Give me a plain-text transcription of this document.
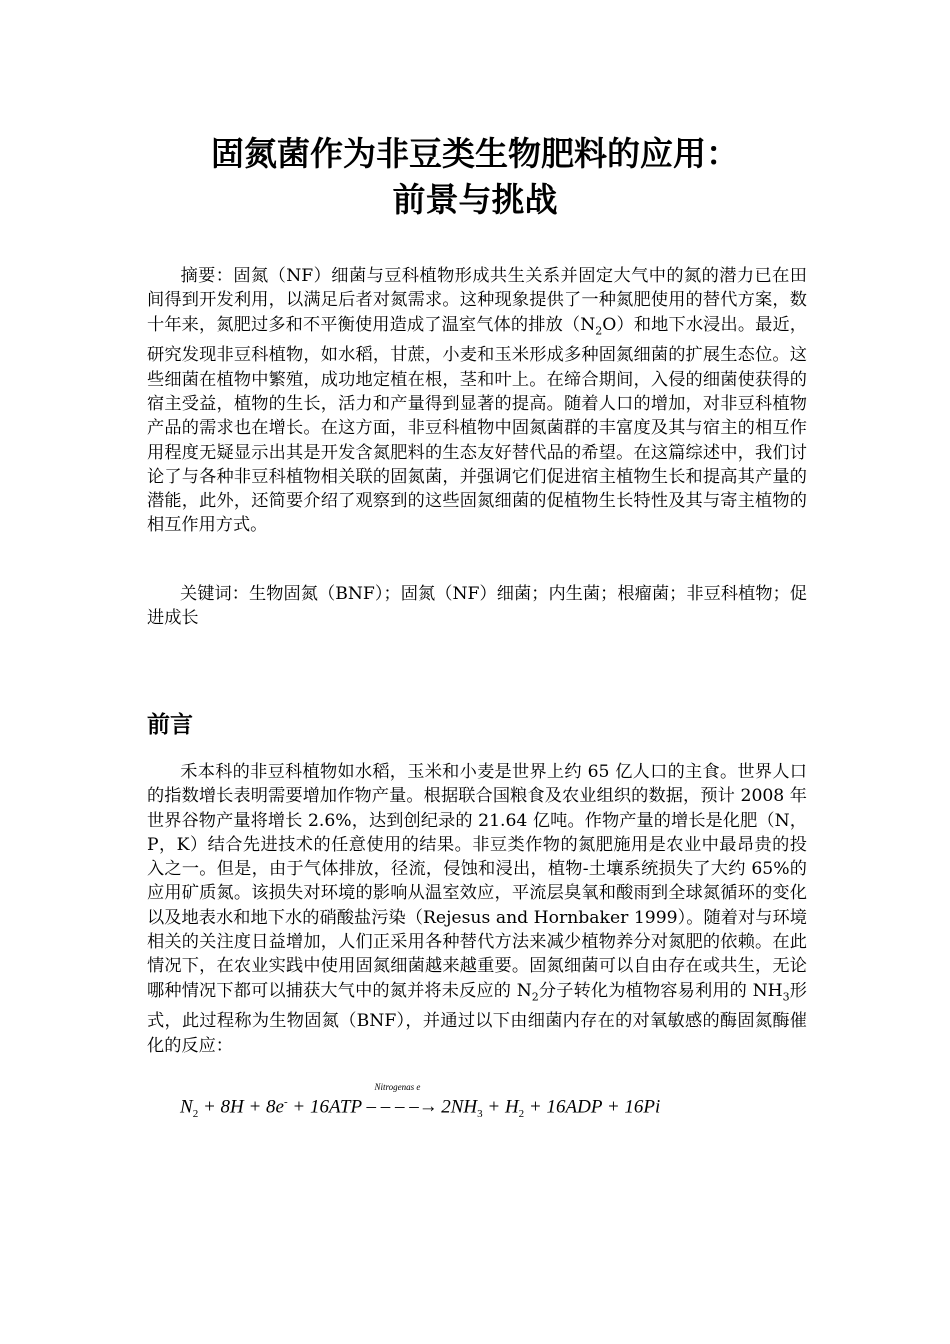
固氮菌作为非豆类生物肥料的应用：
前景与挑战
摘要：固氮（NF）细菌与豆科植物形成共生关系并固定大气中的氮的潜力已在田间得到开发利用，以满足后者对氮需求。这种现象提供了一种氮肥使用的替代方案，数十年来，氮肥过多和不平衡使用造成了温室气体的排放$(N_2O)$和地下水浸出。最近，研究发现非豆科植物，如水稻，甘蔗，小麦和玉米形成多种固氮细菌的扩展生态位。这些细菌在植物中繁殖，成功地定植在根，茎和叶上。在缔合期间，入侵的细菌使获得的宿主受益，植物的生长，活力和产量得到显著的提高。随着人口的增加，对非豆科植物产品的需求也在增长。在这方面，非豆科植物中固氮菌群的丰富度及其与宿主的相互作用程度无疑显示出其是开发含氮肥料的生态友好替代品的希望。在这篇综述中，我们讨论了与各种非豆科植物相关联的固氮菌，并强调它们促进宿主植物生长和提高其产量的潜能，此外，还简要介绍了观察到的这些固氮细菌的促植物生长特性及其与寄主植物的相互作用方式。
关键词：生物固氮（BNF）；固氮（NF）细菌；内生菌；根瘤菌；非豆科植物；促进成长
前言
禾本科的非豆科植物如水稻，玉米和小麦是世界上约 65 亿人口的主食。世界人口的指数增长表明需要增加作物产量。根据联合国粮食及农业组织的数据，预计 2008 年世界谷物产量将增长 2.6%，达到创纪录的 21.64 亿吨。作物产量的增长是化肥（N，P，K）结合先进技术的任意使用的结果。非豆类作物的氮肥施用是农业中最昂贵的投入之一。但是，由于气体排放，径流，侵蚀和浸出，植物-土壤系统损失了大约 65%的应用矿质氮。该损失对环境的影响从温室效应，平流层臭氧和酸雨到全球氮循环的变化以及地表水和地下水的硝酸盐污染（Rejesus and Hornbaker 1999）。随着对与环境相关的关注度日益增加，人们正采用各种替代方法来减少植物养分对氮肥的依赖。在此情况下，在农业实践中使用固氮细菌越来越重要。固氮细菌可以自由存在或共生，无论哪种情况下都可以捕获大气中的氮并将未反应的 $N_2$分子转化为植物容易利用的 $NH_3$形式，此过程称为生物固氮（BNF），并通过以下由细菌内存在的对氧敏感的酶固氮酶催化的反应：
$N_2 + 8H + 8e^- + 16ATP$
Nitrogenas e
– – – –→ $2NH_3 + H_2 + 16ADP + 16Pi$
